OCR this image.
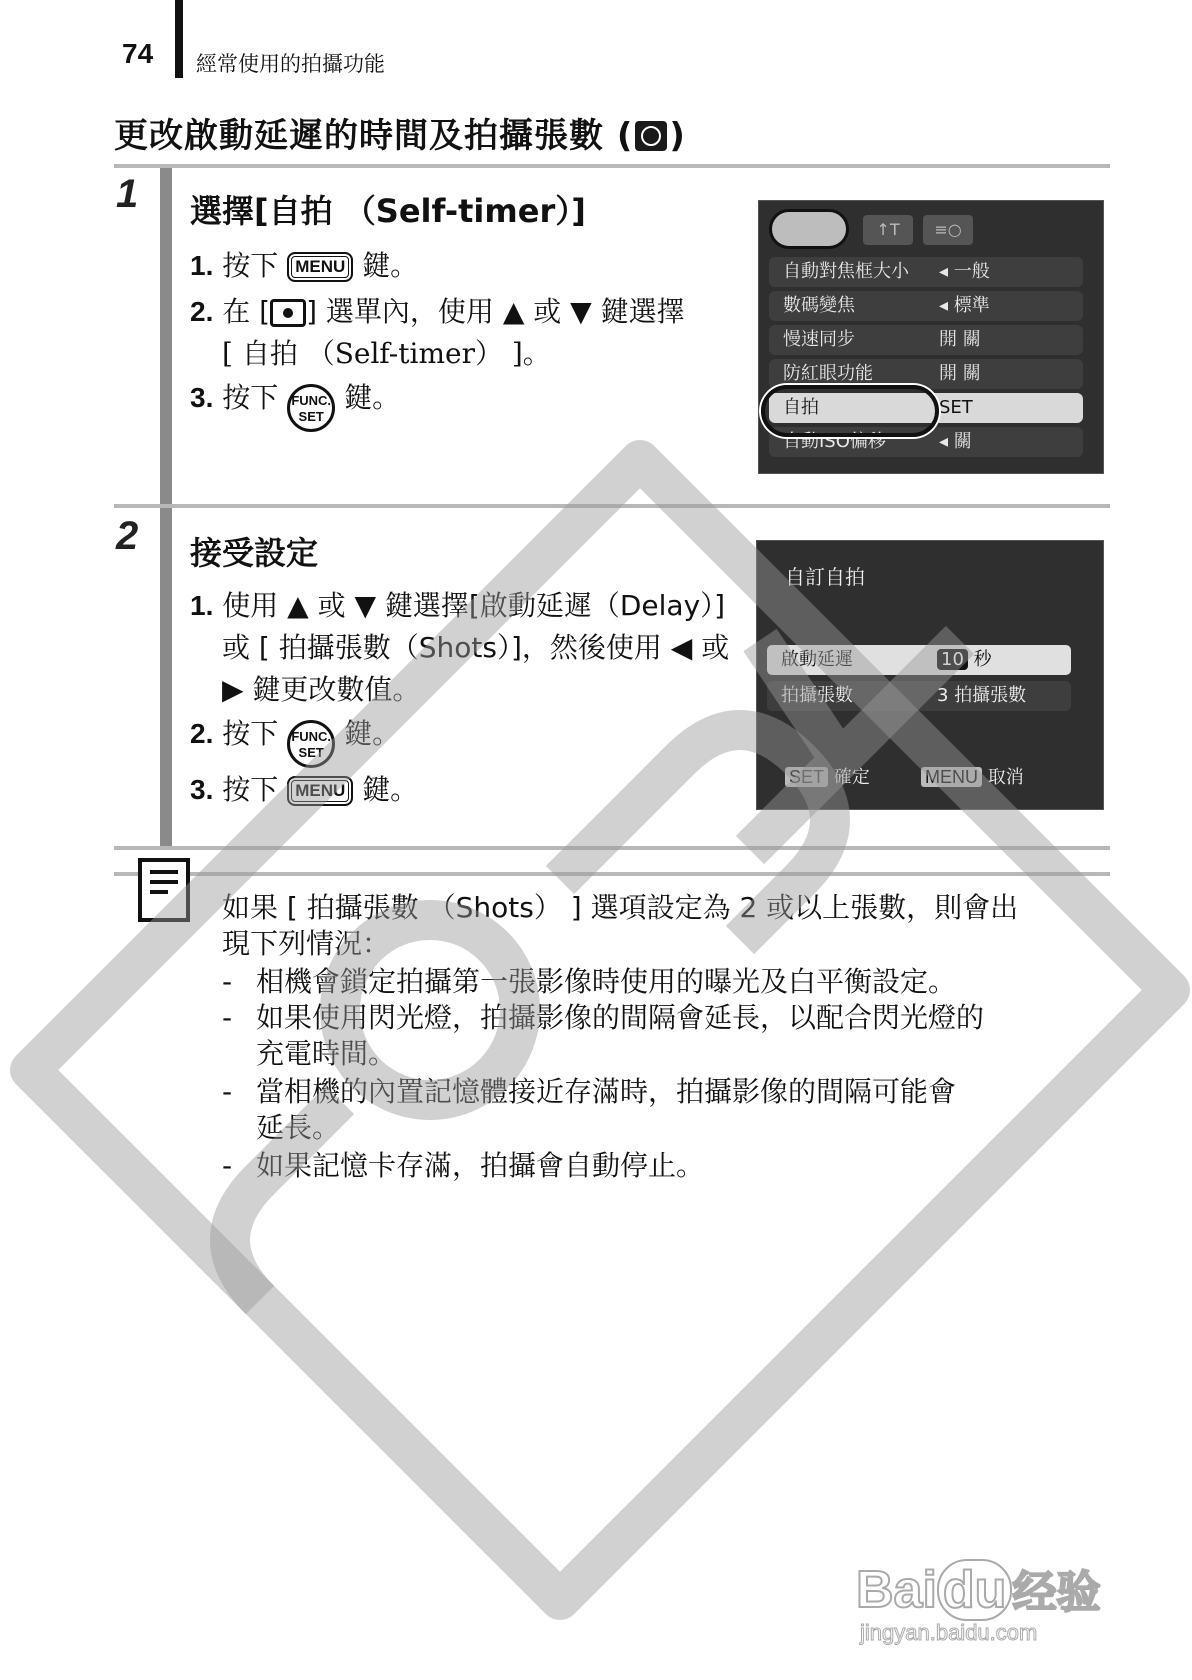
74 經常使用的拍攝功能
更改啟動延遲的時間及拍攝張數 ( )
1 選擇[自拍 （Self-timer）]
1. 按下 MENU 鍵。
2. 在 [ ] 選單內，使用 ▲ 或 ▼ 鍵選擇
[ 自拍 （Self-timer） ]。
3. 按下 FUNC.
SET 鍵。
↑T	≡○
自動對焦框大小 ◂ 一般
數碼變焦	◂ 標準
慢速同步	開 關
防紅眼功能	開 關
自拍	SET
自動ISO偏移	◂ 關
2 接受設定
1. 使用 ▲ 或 ▼ 鍵選擇[啟動延遲（Delay）]
或 [ 拍攝張數（Shots）]，然後使用 ◀ 或
▶ 鍵更改數值。
2. 按下 FUNC.
SET 鍵。
3. 按下 MENU 鍵。
自訂自拍
啟動延遲	10 秒
拍攝張數	3 拍攝張數
SET 確定	MENU 取消
如果 [ 拍攝張數 （Shots） ] 選項設定為 2 或以上張數，則會出
現下列情況：
- 相機會鎖定拍攝第一張影像時使用的曝光及白平衡設定。
- 如果使用閃光燈，拍攝影像的間隔會延長，以配合閃光燈的
充電時間。
- 當相機的內置記憶體接近存滿時，拍攝影像的間隔可能會
延長。
- 如果記憶卡存滿，拍攝會自動停止。
COPY
Bai du 经验
jingyan.baidu.com
